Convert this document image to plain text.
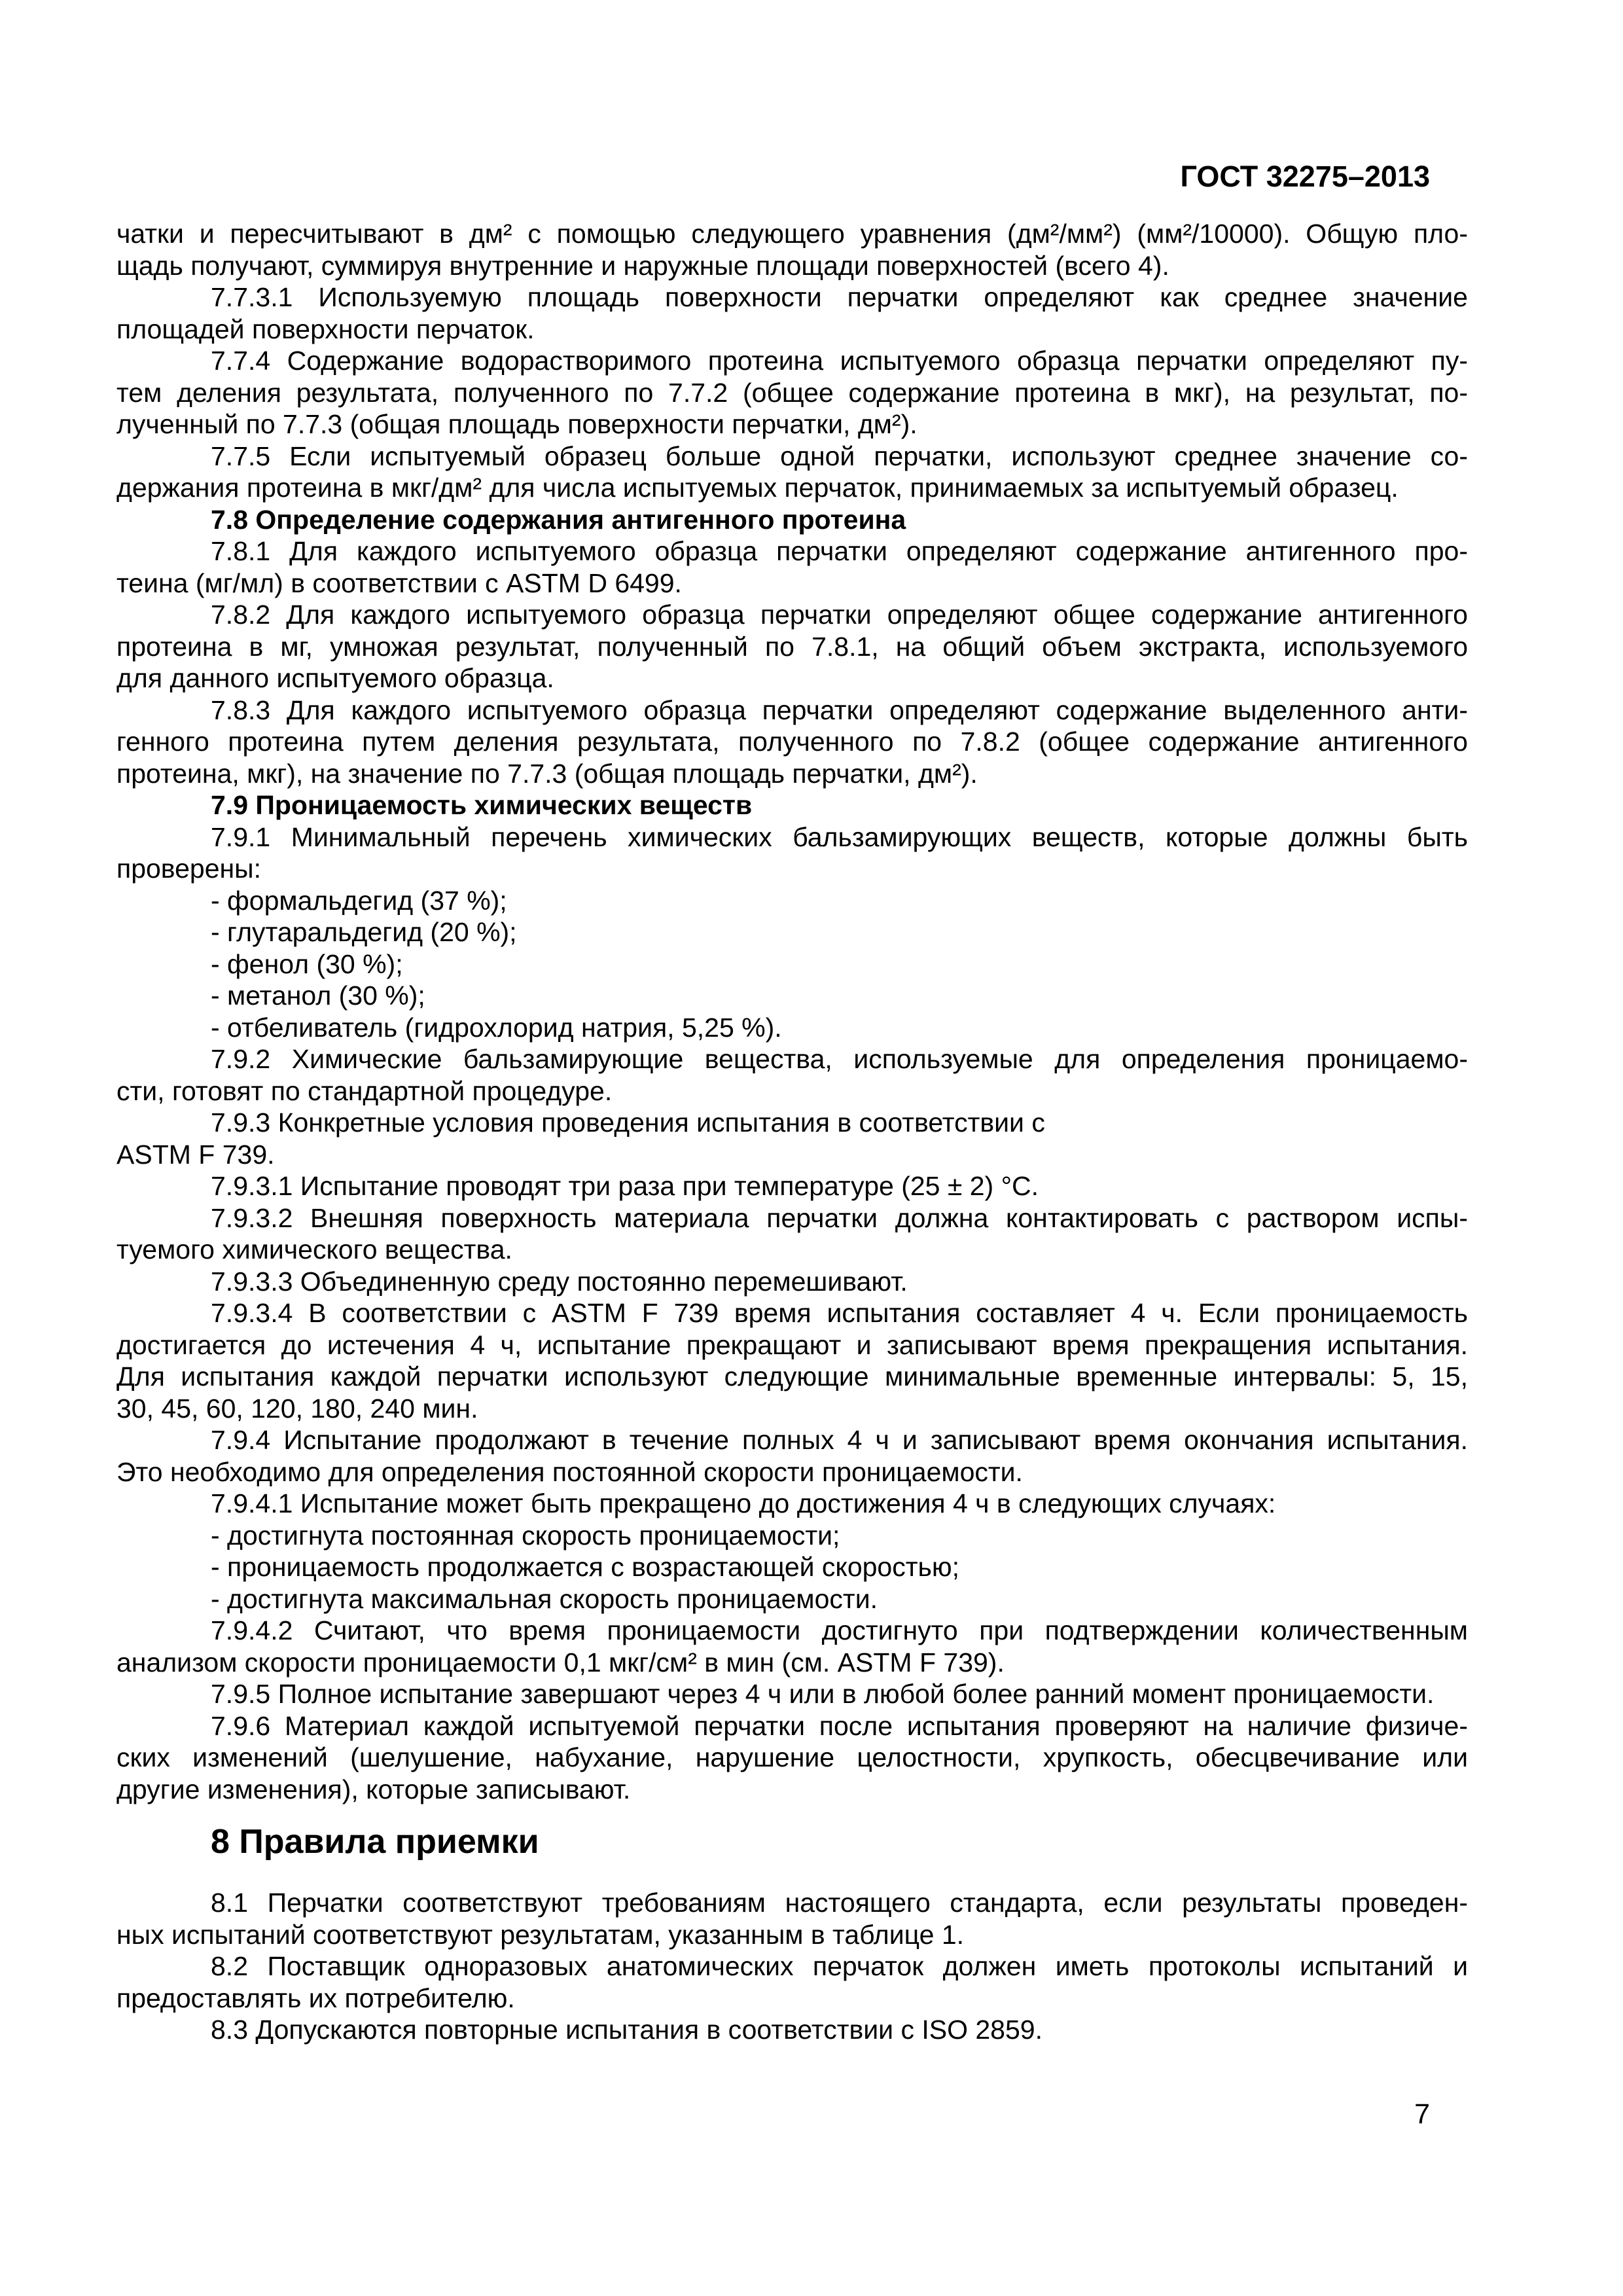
ГОСТ 32275–2013
чатки и пересчитывают в дм² с помощью следующего уравнения (дм²/мм²) (мм²/10000). Общую пло-
щадь получают, суммируя внутренние и наружные площади поверхностей (всего 4).
7.7.3.1 Используемую площадь поверхности перчатки определяют как среднее значение
площадей поверхности перчаток.
7.7.4 Содержание водорастворимого протеина испытуемого образца перчатки определяют пу-
тем деления результата, полученного по 7.7.2 (общее содержание протеина в мкг), на результат, по-
лученный по 7.7.3 (общая площадь поверхности перчатки, дм²).
7.7.5 Если испытуемый образец больше одной перчатки, используют среднее значение со-
держания протеина в мкг/дм² для числа испытуемых перчаток, принимаемых за испытуемый образец.
7.8 Определение содержания антигенного протеина
7.8.1 Для каждого испытуемого образца перчатки определяют содержание антигенного про-
теина (мг/мл) в соответствии с ASTM D 6499.
7.8.2 Для каждого испытуемого образца перчатки определяют общее содержание антигенного
протеина в мг, умножая результат, полученный по 7.8.1, на общий объем экстракта, используемого
для данного испытуемого образца.
7.8.3 Для каждого испытуемого образца перчатки определяют содержание выделенного анти-
генного протеина путем деления результата, полученного по 7.8.2 (общее содержание антигенного
протеина, мкг), на значение по 7.7.3 (общая площадь перчатки, дм²).
7.9 Проницаемость химических веществ
7.9.1 Минимальный перечень химических бальзамирующих веществ, которые должны быть
проверены:
- формальдегид (37 %);
- глутаральдегид (20 %);
- фенол (30 %);
- метанол (30 %);
- отбеливатель (гидрохлорид натрия, 5,25 %).
7.9.2 Химические бальзамирующие вещества, используемые для определения проницаемо-
сти, готовят по стандартной процедуре.
7.9.3 Конкретные условия проведения испытания в соответствии с
ASTM F 739.
7.9.3.1 Испытание проводят три раза при температуре (25 ± 2) °С.
7.9.3.2 Внешняя поверхность материала перчатки должна контактировать с раствором испы-
туемого химического вещества.
7.9.3.3 Объединенную среду постоянно перемешивают.
7.9.3.4 В соответствии с ASTM F 739 время испытания составляет 4 ч. Если проницаемость
достигается до истечения 4 ч, испытание прекращают и записывают время прекращения испытания.
Для испытания каждой перчатки используют следующие минимальные временные интервалы: 5, 15,
30, 45, 60, 120, 180, 240 мин.
7.9.4 Испытание продолжают в течение полных 4 ч и записывают время окончания испытания.
Это необходимо для определения постоянной скорости проницаемости.
7.9.4.1 Испытание может быть прекращено до достижения 4 ч в следующих случаях:
- достигнута постоянная скорость проницаемости;
- проницаемость продолжается с возрастающей скоростью;
- достигнута максимальная скорость проницаемости.
7.9.4.2 Считают, что время проницаемости достигнуто при подтверждении количественным
анализом скорости проницаемости 0,1 мкг/см² в мин (см. ASTM F 739).
7.9.5 Полное испытание завершают через 4 ч или в любой более ранний момент проницаемости.
7.9.6 Материал каждой испытуемой перчатки после испытания проверяют на наличие физиче-
ских изменений (шелушение, набухание, нарушение целостности, хрупкость, обесцвечивание или
другие изменения), которые записывают.
8 Правила приемки
8.1 Перчатки соответствуют требованиям настоящего стандарта, если результаты проведен-
ных испытаний соответствуют результатам, указанным в таблице 1.
8.2 Поставщик одноразовых анатомических перчаток должен иметь протоколы испытаний и
предоставлять их потребителю.
8.3 Допускаются повторные испытания в соответствии с ISO 2859.
7
